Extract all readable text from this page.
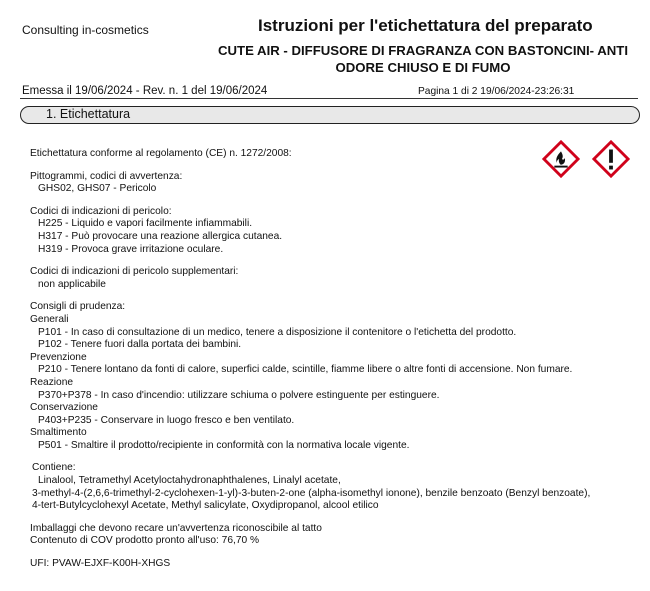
Consulting in-cosmetics	Istruzioni per l'etichettatura del preparato
CUTE AIR - DIFFUSORE DI FRAGRANZA CON BASTONCINI- ANTI ODORE CHIUSO E DI FUMO
Emessa il 19/06/2024 - Rev. n. 1 del 19/06/2024	Pagina 1 di 2 19/06/2024-23:26:31
1. Etichettatura
Etichettatura conforme al regolamento (CE) n. 1272/2008:
Pittogrammi, codici di avvertenza:
GHS02, GHS07 - Pericolo
Codici di indicazioni di pericolo:
H225 - Liquido e vapori facilmente infiammabili.
H317 - Può provocare una reazione allergica cutanea.
H319 - Provoca grave irritazione oculare.
Codici di indicazioni di pericolo supplementari:
non applicabile
Consigli di prudenza:
Generali
P101 - In caso di consultazione di un medico, tenere a disposizione il contenitore o l'etichetta del prodotto.
P102 - Tenere fuori dalla portata dei bambini.
Prevenzione
P210 - Tenere lontano da fonti di calore, superfici calde, scintille, fiamme libere o altre fonti di accensione. Non fumare.
Reazione
P370+P378 - In caso d'incendio: utilizzare schiuma o polvere estinguente per estinguere.
Conservazione
P403+P235 - Conservare in luogo fresco e ben ventilato.
Smaltimento
P501 - Smaltire il prodotto/recipiente in conformità con la normativa locale vigente.
Contiene:
Linalool, Tetramethyl Acetyloctahydronaphthalenes, Linalyl acetate,
3-methyl-4-(2,6,6-trimethyl-2-cyclohexen-1-yl)-3-buten-2-one (alpha-isomethyl ionone), benzile benzoato (Benzyl benzoate),
4-tert-Butylcyclohexyl Acetate, Methyl salicylate, Oxydipropanol, alcool etilico
Imballaggi che devono recare un'avvertenza riconoscibile al tatto
Contenuto di COV prodotto pronto all'uso: 76,70 %
UFI: PVAW-EJXF-K00H-XHGS
